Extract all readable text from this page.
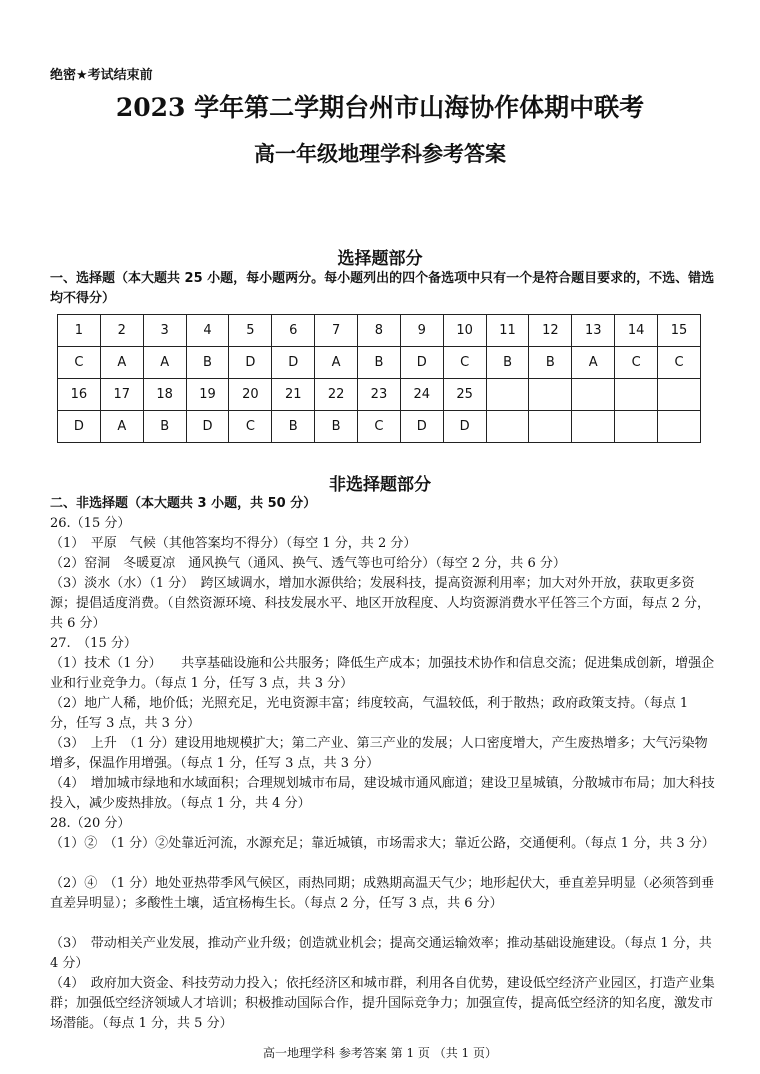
绝密★考试结束前
2023 学年第二学期台州市山海协作体期中联考
高一年级地理学科参考答案
选择题部分
一、选择题（本大题共 25 小题，每小题两分。每小题列出的四个备选项中只有一个是符合题目要求的，不选、错选均不得分）
1	2	3	4	5	6	7	8	9	10	11	12	13	14	15
C	A	A	B	D	D	A	B	D	C	B	B	A	C	C
16	17	18	19	20	21	22	23	24	25					
D	A	B	D	C	B	B	C	D	D					
非选择题部分
二、非选择题（本大题共 3 小题，共 50 分）
26.（15 分）
（1）　平原　气候（其他答案均不得分）（每空 1 分，共 2 分）
（2）窑洞　冬暖夏凉　通风换气（通风、换气、透气等也可给分）（每空 2 分，共 6 分）
（3）淡水（水）（1 分）　跨区域调水，增加水源供给；发展科技，提高资源利用率；加大对外开放，获取更多资源；提倡适度消费。（自然资源环境、科技发展水平、地区开放程度、人均资源消费水平任答三个方面，每点 2 分，共 6 分）
27.　（15 分）
（1）技术（1 分）　　共享基础设施和公共服务；降低生产成本；加强技术协作和信息交流；促进集成创新，增强企业和行业竞争力。（每点 1 分，任写 3 点，共 3 分）
（2）地广人稀，地价低；光照充足，光电资源丰富；纬度较高，气温较低，利于散热；政府政策支持。（每点 1 分，任写 3 点，共 3 分）
（3）　上升　（1 分）建设用地规模扩大；第二产业、第三产业的发展；人口密度增大，产生废热增多；大气污染物增多，保温作用增强。（每点 1 分，任写 3 点，共 3 分）
（4）　增加城市绿地和水域面积；合理规划城市布局，建设城市通风廊道；建设卫星城镇，分散城市布局；加大科技投入，减少废热排放。（每点 1 分，共 4 分）
28.（20 分）
（1）②　（1 分）②处靠近河流，水源充足；靠近城镇，市场需求大；靠近公路，交通便利。（每点 1 分，共 3 分）
（2）④　（1 分）地处亚热带季风气候区，雨热同期；成熟期高温天气少；地形起伏大，垂直差异明显（必须答到垂直差异明显）；多酸性土壤，适宜杨梅生长。（每点 2 分，任写 3 点，共 6 分）
（3）　带动相关产业发展，推动产业升级；创造就业机会；提高交通运输效率；推动基础设施建设。（每点 1 分，共 4 分）
（4）　政府加大资金、科技劳动力投入；依托经济区和城市群，利用各自优势，建设低空经济产业园区，打造产业集群；加强低空经济领域人才培训；积极推动国际合作，提升国际竞争力；加强宣传，提高低空经济的知名度，激发市场潜能。（每点 1 分，共 5 分）
高一地理学科 参考答案 第 1 页 （共 1 页）
